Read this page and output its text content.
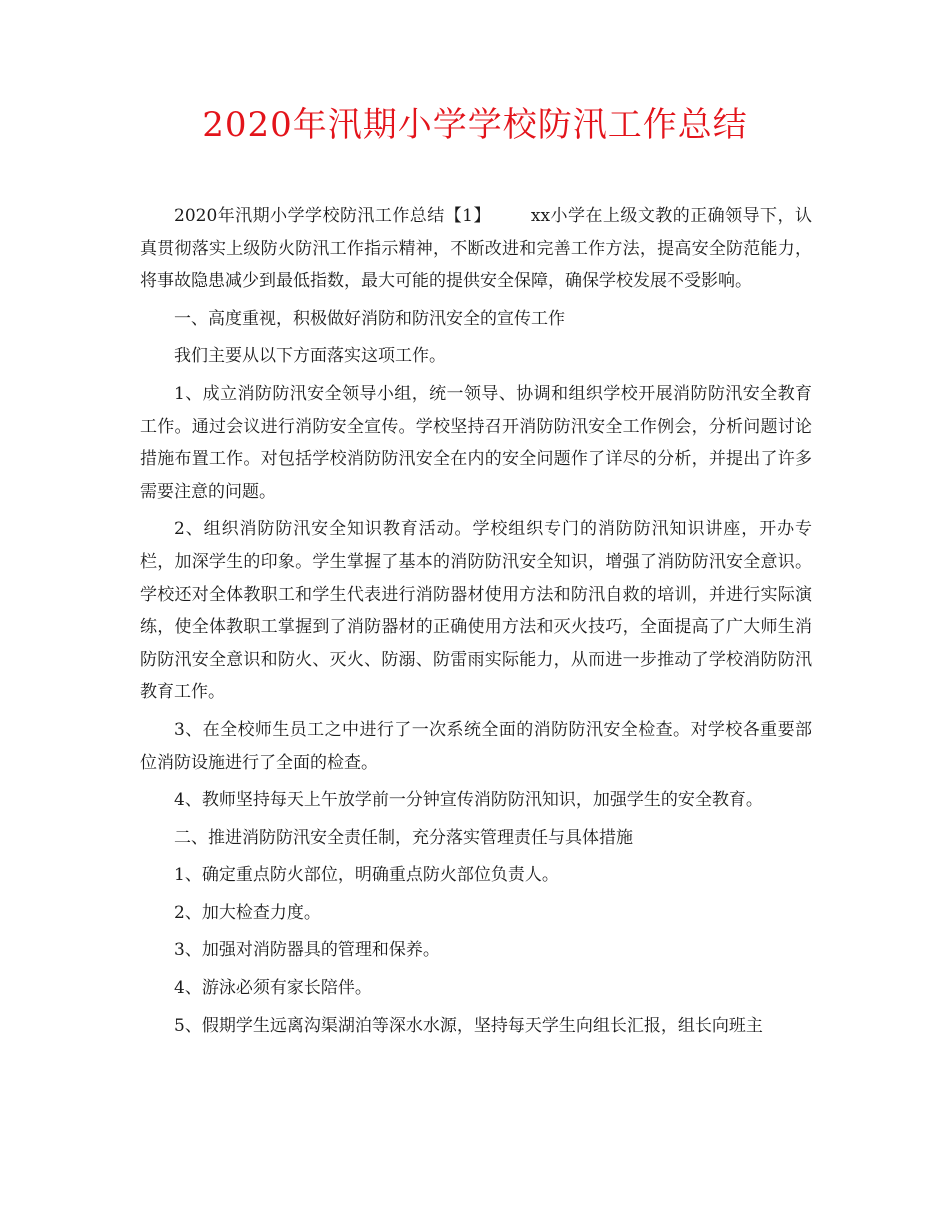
2020年汛期小学学校防汛工作总结

2020年汛期小学学校防汛工作总结【1】 xx小学在上级文教的正确领导下，认真贯彻落实上级防火防汛工作指示精神，不断改进和完善工作方法，提高安全防范能力，将事故隐患减少到最低指数，最大可能的提供安全保障，确保学校发展不受影响。

一、高度重视，积极做好消防和防汛安全的宣传工作

我们主要从以下方面落实这项工作。

1、成立消防防汛安全领导小组，统一领导、协调和组织学校开展消防防汛安全教育工作。通过会议进行消防安全宣传。学校坚持召开消防防汛安全工作例会，分析问题讨论措施布置工作。对包括学校消防防汛安全在内的安全问题作了详尽的分析，并提出了许多需要注意的问题。

2、组织消防防汛安全知识教育活动。学校组织专门的消防防汛知识讲座，开办专栏，加深学生的印象。学生掌握了基本的消防防汛安全知识，增强了消防防汛安全意识。学校还对全体教职工和学生代表进行消防器材使用方法和防汛自救的培训，并进行实际演练，使全体教职工掌握到了消防器材的正确使用方法和灭火技巧，全面提高了广大师生消防防汛安全意识和防火、灭火、防溺、防雷雨实际能力，从而进一步推动了学校消防防汛教育工作。

3、在全校师生员工之中进行了一次系统全面的消防防汛安全检查。对学校各重要部位消防设施进行了全面的检查。

4、教师坚持每天上午放学前一分钟宣传消防防汛知识，加强学生的安全教育。

二、推进消防防汛安全责任制，充分落实管理责任与具体措施

1、确定重点防火部位，明确重点防火部位负责人。

2、加大检查力度。

3、加强对消防器具的管理和保养。

4、游泳必须有家长陪伴。

5、假期学生远离沟渠湖泊等深水水源，坚持每天学生向组长汇报，组长向班主
